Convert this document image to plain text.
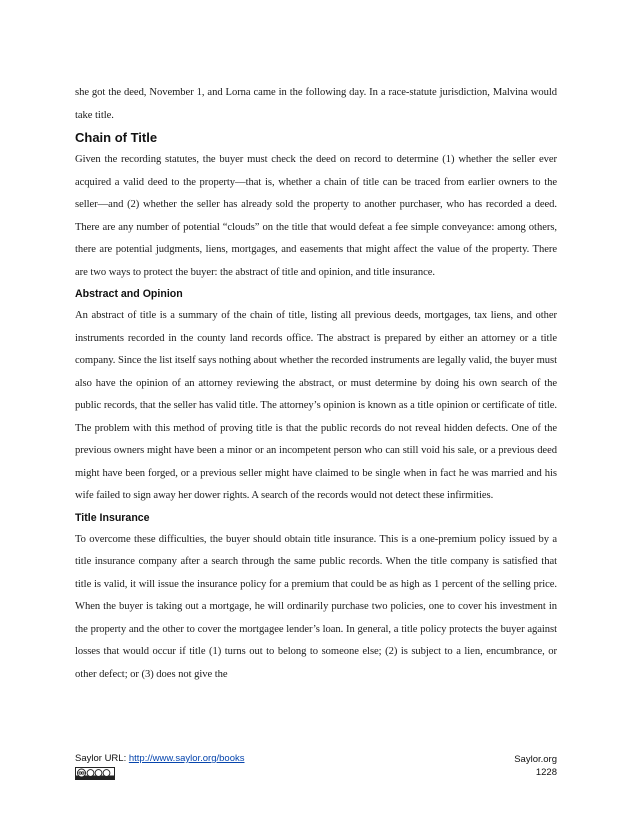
she got the deed, November 1, and Lorna came in the following day. In a race-statute jurisdiction, Malvina would take title.

Chain of Title

Given the recording statutes, the buyer must check the deed on record to determine (1) whether the seller ever acquired a valid deed to the property—that is, whether a chain of title can be traced from earlier owners to the seller—and (2) whether the seller has already sold the property to another purchaser, who has recorded a deed. There are any number of potential “clouds” on the title that would defeat a fee simple conveyance: among others, there are potential judgments, liens, mortgages, and easements that might affect the value of the property. There are two ways to protect the buyer: the abstract of title and opinion, and title insurance.

Abstract and Opinion

An abstract of title is a summary of the chain of title, listing all previous deeds, mortgages, tax liens, and other instruments recorded in the county land records office. The abstract is prepared by either an attorney or a title company. Since the list itself says nothing about whether the recorded instruments are legally valid, the buyer must also have the opinion of an attorney reviewing the abstract, or must determine by doing his own search of the public records, that the seller has valid title. The attorney’s opinion is known as a title opinion or certificate of title. The problem with this method of proving title is that the public records do not reveal hidden defects. One of the previous owners might have been a minor or an incompetent person who can still void his sale, or a previous deed might have been forged, or a previous seller might have claimed to be single when in fact he was married and his wife failed to sign away her dower rights. A search of the records would not detect these infirmities.

Title Insurance

To overcome these difficulties, the buyer should obtain title insurance. This is a one-premium policy issued by a title insurance company after a search through the same public records. When the title company is satisfied that title is valid, it will issue the insurance policy for a premium that could be as high as 1 percent of the selling price. When the buyer is taking out a mortgage, he will ordinarily purchase two policies, one to cover his investment in the property and the other to cover the mortgagee lender’s loan. In general, a title policy protects the buyer against losses that would occur if title (1) turns out to belong to someone else; (2) is subject to a lien, encumbrance, or other defect; or (3) does not give the

Saylor URL: http://www.saylor.org/books	Saylor.org
1228
